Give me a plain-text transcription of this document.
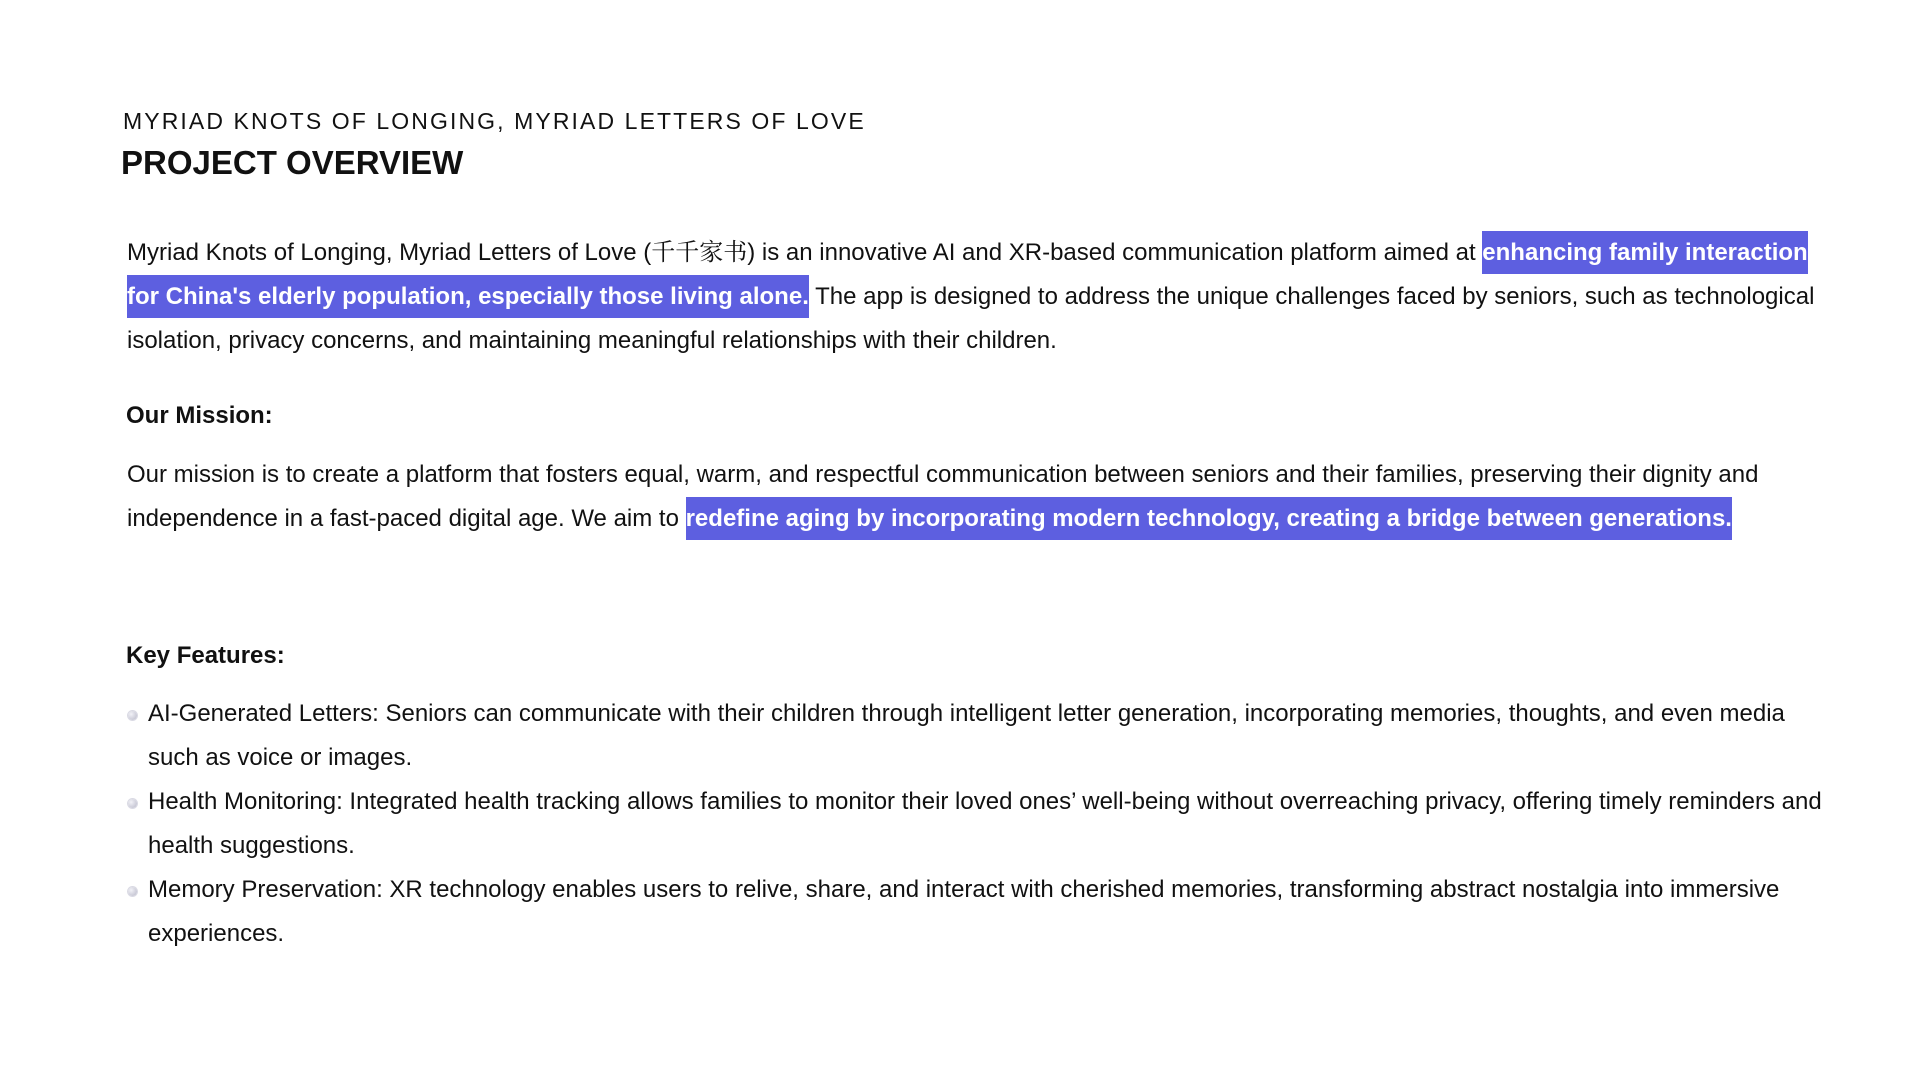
MYRIAD KNOTS OF LONGING, MYRIAD LETTERS OF LOVE

PROJECT OVERVIEW

Myriad Knots of Longing, Myriad Letters of Love (千千家书) is an innovative AI and XR-based communication platform aimed at enhancing family interaction for China's elderly population, especially those living alone. The app is designed to address the unique challenges faced by seniors, such as technological isolation, privacy concerns, and maintaining meaningful relationships with their children.

Our Mission:

Our mission is to create a platform that fosters equal, warm, and respectful communication between seniors and their families, preserving their dignity and independence in a fast-paced digital age. We aim to redefine aging by incorporating modern technology, creating a bridge between generations.

Key Features:
AI-Generated Letters: Seniors can communicate with their children through intelligent letter generation, incorporating memories, thoughts, and even media such as voice or images.
Health Monitoring: Integrated health tracking allows families to monitor their loved ones’ well-being without overreaching privacy, offering timely reminders and health suggestions.
Memory Preservation: XR technology enables users to relive, share, and interact with cherished memories, transforming abstract nostalgia into immersive experiences.
